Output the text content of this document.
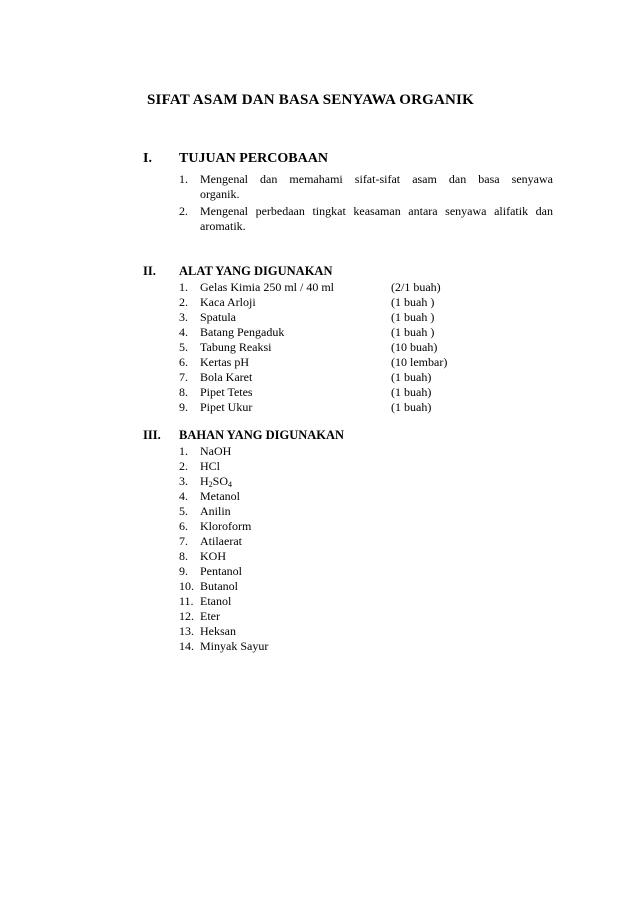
SIFAT ASAM DAN BASA SENYAWA ORGANIK
I. TUJUAN PERCOBAAN
1. Mengenal dan memahami sifat-sifat asam dan basa senyawa
organik.
2. Mengenal perbedaan tingkat keasaman antara senyawa alifatik dan
aromatik.
II. ALAT YANG DIGUNAKAN
1. Gelas Kimia 250 ml / 40 ml	(2/1 buah)
2. Kaca Arloji	(1 buah )
3. Spatula	(1 buah )
4. Batang Pengaduk	(1 buah )
5. Tabung Reaksi	(10 buah)
6. Kertas pH	(10 lembar)
7. Bola Karet	(1 buah)
8. Pipet Tetes	(1 buah)
9. Pipet Ukur	(1 buah)
III. BAHAN YANG DIGUNAKAN
1. NaOH
2. HCl
3. $H_2SO_4$
4. Metanol
5. Anilin
6. Kloroform
7. Atilaerat
8. KOH
9. Pentanol
10. Butanol
11. Etanol
12. Eter
13. Heksan
14. Minyak Sayur
